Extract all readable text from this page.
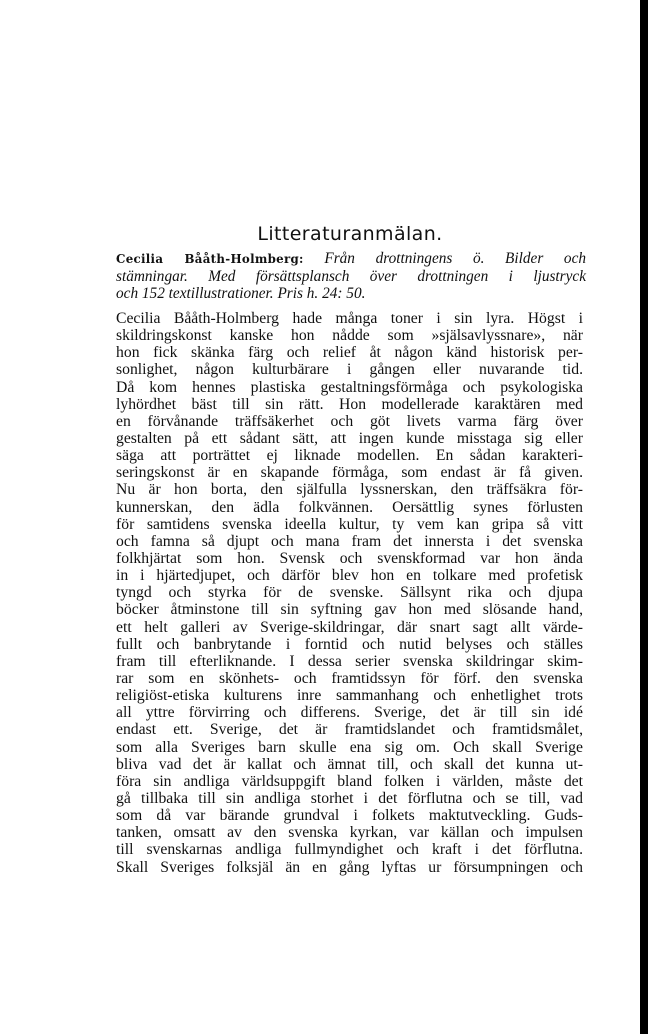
Litteraturanmälan.
Cecilia Bååth-Holmberg: Från drottningens ö. Bilder och
stämningar. Med försättsplansch över drottningen i ljustryck
och 152 textillustrationer. Pris h. 24: 50.
Cecilia Bååth-Holmberg hade många toner i sin lyra. Högst i
skildringskonst kanske hon nådde som »själsavlyssnare», när
hon fick skänka färg och relief åt någon känd historisk per-
sonlighet, någon kulturbärare i gången eller nuvarande tid.
Då kom hennes plastiska gestaltningsförmåga och psykologiska
lyhördhet bäst till sin rätt. Hon modellerade karaktären med
en förvånande träffsäkerhet och göt livets varma färg över
gestalten på ett sådant sätt, att ingen kunde misstaga sig eller
säga att porträttet ej liknade modellen. En sådan karakteri-
seringskonst är en skapande förmåga, som endast är få given.
Nu är hon borta, den själfulla lyssnerskan, den träffsäkra för-
kunnerskan, den ädla folkvännen. Oersättlig synes förlusten
för samtidens svenska ideella kultur, ty vem kan gripa så vitt
och famna så djupt och mana fram det innersta i det svenska
folkhjärtat som hon. Svensk och svenskformad var hon ända
in i hjärtedjupet, och därför blev hon en tolkare med profetisk
tyngd och styrka för de svenske. Sällsynt rika och djupa
böcker åtminstone till sin syftning gav hon med slösande hand,
ett helt galleri av Sverige-skildringar, där snart sagt allt värde-
fullt och banbrytande i forntid och nutid belyses och ställes
fram till efterliknande. I dessa serier svenska skildringar skim-
rar som en skönhets- och framtidssyn för förf. den svenska
religiöst-etiska kulturens inre sammanhang och enhetlighet trots
all yttre förvirring och differens. Sverige, det är till sin idé
endast ett. Sverige, det är framtidslandet och framtidsmålet,
som alla Sveriges barn skulle ena sig om. Och skall Sverige
bliva vad det är kallat och ämnat till, och skall det kunna ut-
föra sin andliga världsuppgift bland folken i världen, måste det
gå tillbaka till sin andliga storhet i det förflutna och se till, vad
som då var bärande grundval i folkets maktutveckling. Guds-
tanken, omsatt av den svenska kyrkan, var källan och impulsen
till svenskarnas andliga fullmyndighet och kraft i det förflutna.
Skall Sveriges folksjäl än en gång lyftas ur försumpningen och
